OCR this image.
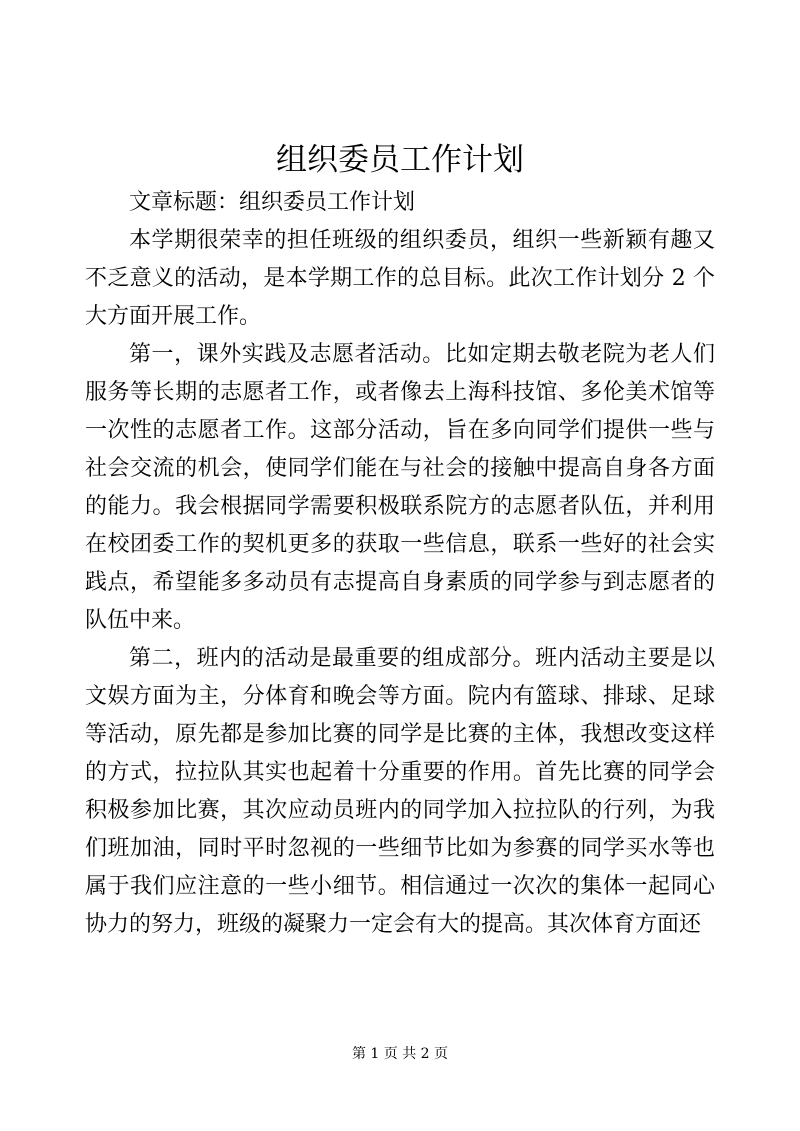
组织委员工作计划

文章标题：组织委员工作计划

本学期很荣幸的担任班级的组织委员，组织一些新颖有趣又不乏意义的活动，是本学期工作的总目标。此次工作计划分 2 个大方面开展工作。

第一，课外实践及志愿者活动。比如定期去敬老院为老人们服务等长期的志愿者工作，或者像去上海科技馆、多伦美术馆等一次性的志愿者工作。这部分活动，旨在多向同学们提供一些与社会交流的机会，使同学们能在与社会的接触中提高自身各方面的能力。我会根据同学需要积极联系院方的志愿者队伍，并利用在校团委工作的契机更多的获取一些信息，联系一些好的社会实践点，希望能多多动员有志提高自身素质的同学参与到志愿者的队伍中来。

第二，班内的活动是最重要的组成部分。班内活动主要是以文娱方面为主，分体育和晚会等方面。院内有篮球、排球、足球等活动，原先都是参加比赛的同学是比赛的主体，我想改变这样的方式，拉拉队其实也起着十分重要的作用。首先比赛的同学会积极参加比赛，其次应动员班内的同学加入拉拉队的行列，为我们班加油，同时平时忽视的一些细节比如为参赛的同学买水等也属于我们应注意的一些小细节。相信通过一次次的集体一起同心协力的努力，班级的凝聚力一定会有大的提高。其次体育方面还

第 1 页 共 2 页
